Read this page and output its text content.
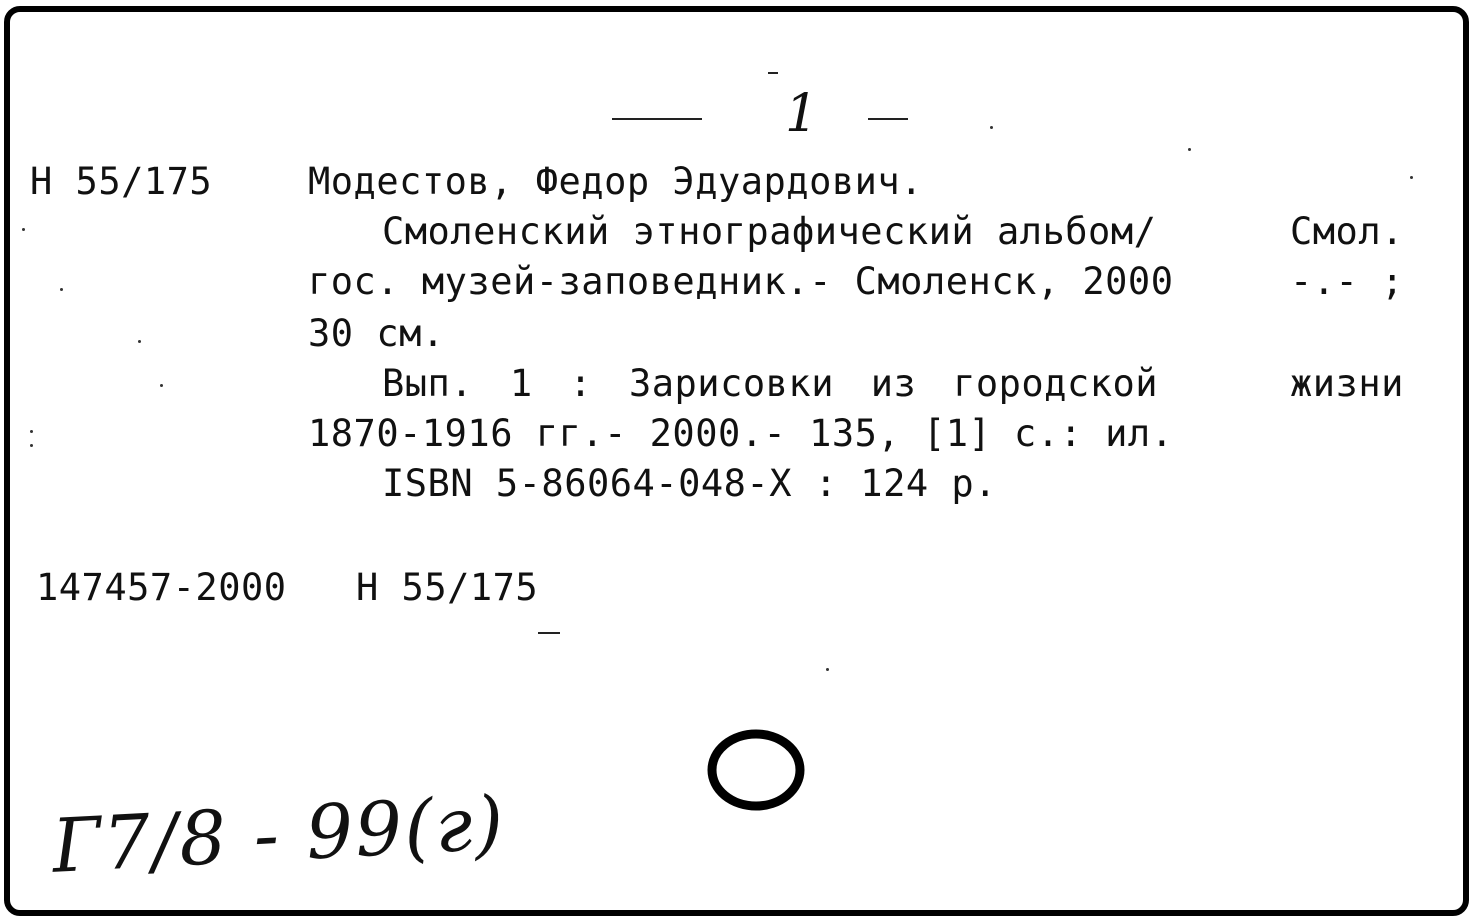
1
Н 55/175	Модестов, Федор Эдуардович.
Смоленский этнографический альбом/	Смол.
гос. музей-заповедник.- Смоленск, 2000	-.- ;
30 см.
Вып. 1 : Зарисовки из городской	жизни
1870-1916 гг.- 2000.- 135, [1] с.: ил.
ISBN 5-86064-048-Х : 124 р.
147457-2000 Н 55/175
Г7/8 - 99(г)
